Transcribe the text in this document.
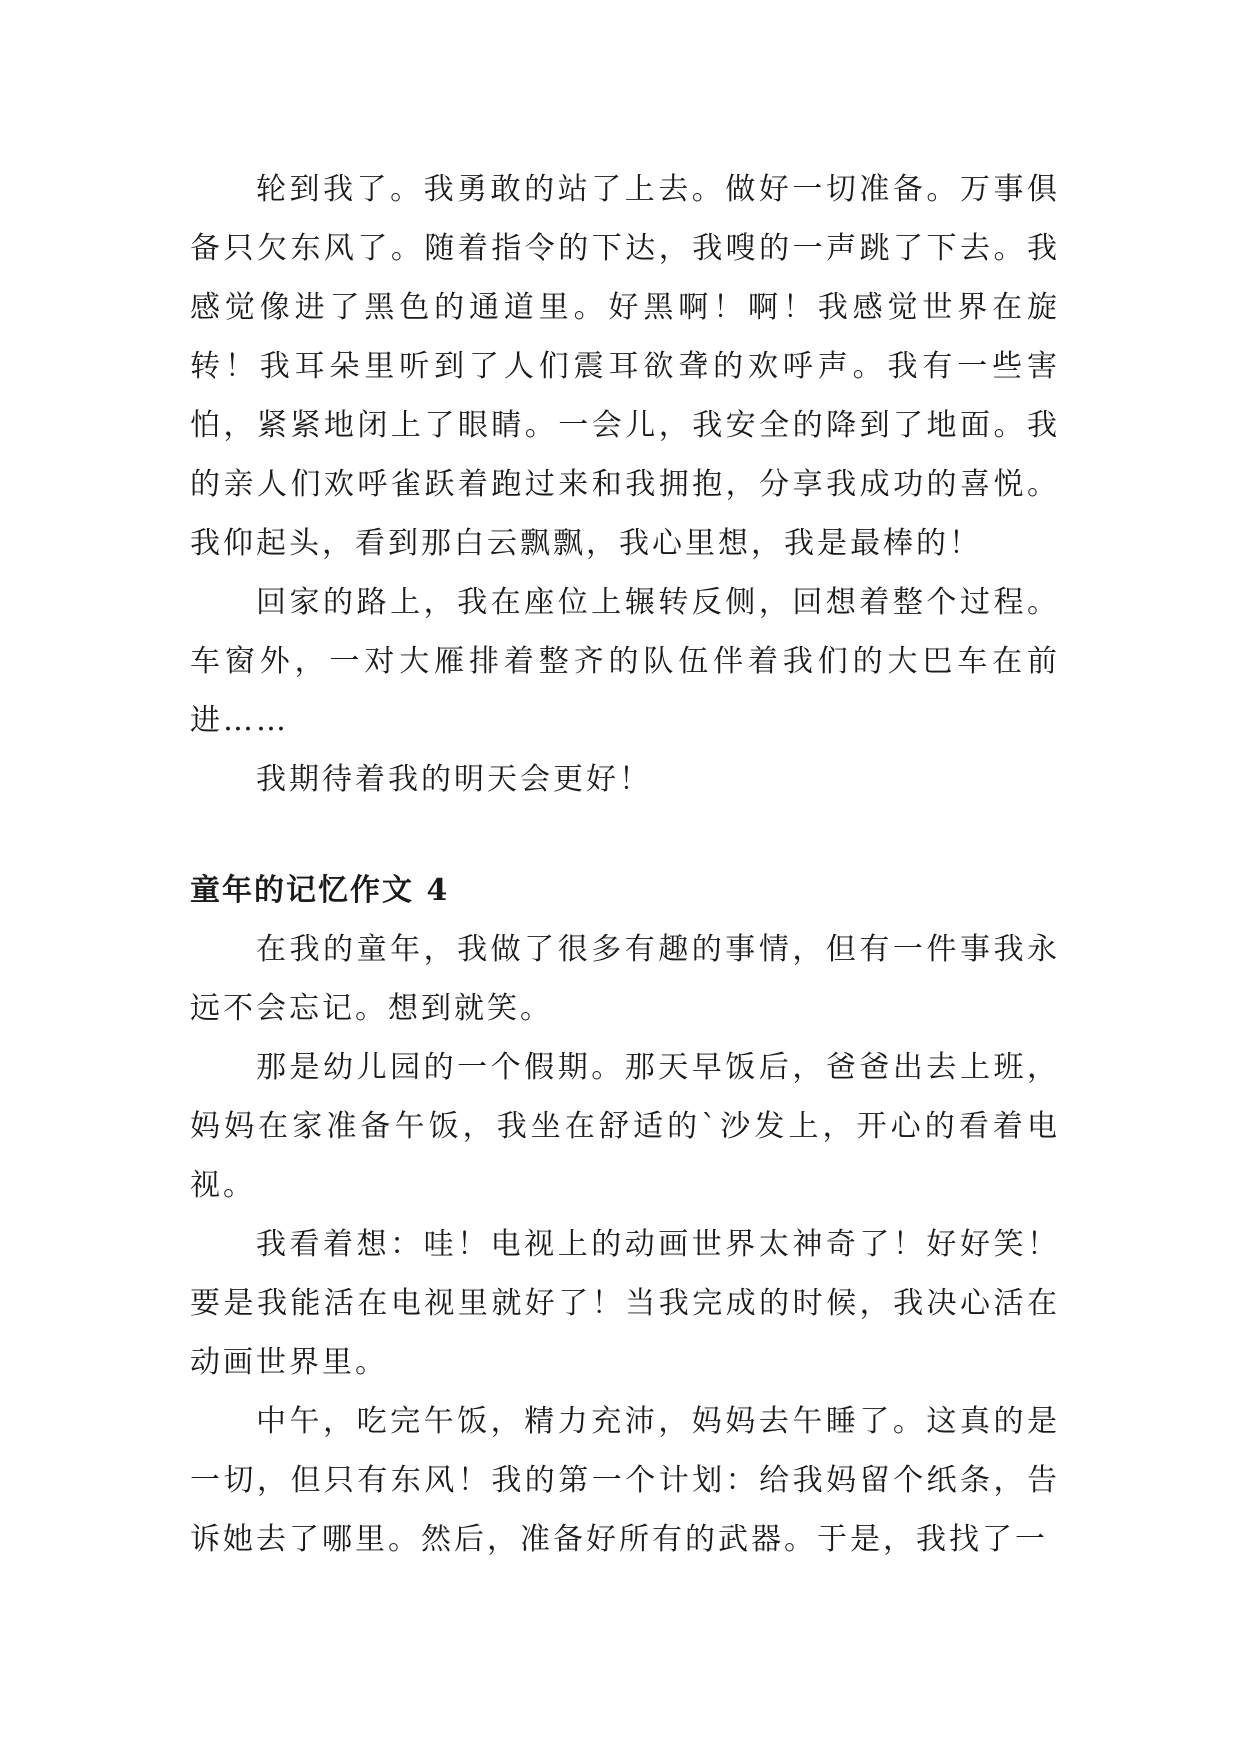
轮到我了。我勇敢的站了上去。做好一切准备。万事俱备只欠东风了。随着指令的下达，我嗖的一声跳了下去。我感觉像进了黑色的通道里。好黑啊！啊！我感觉世界在旋转！我耳朵里听到了人们震耳欲聋的欢呼声。我有一些害怕，紧紧地闭上了眼睛。一会儿，我安全的降到了地面。我的亲人们欢呼雀跃着跑过来和我拥抱，分享我成功的喜悦。我仰起头，看到那白云飘飘，我心里想，我是最棒的！

回家的路上，我在座位上辗转反侧，回想着整个过程。车窗外，一对大雁排着整齐的队伍伴着我们的大巴车在前进……

我期待着我的明天会更好！

童年的记忆作文 4

在我的童年，我做了很多有趣的事情，但有一件事我永远不会忘记。想到就笑。

那是幼儿园的一个假期。那天早饭后，爸爸出去上班，妈妈在家准备午饭，我坐在舒适的`沙发上，开心的看着电视。

我看着想：哇！电视上的动画世界太神奇了！好好笑！要是我能活在电视里就好了！当我完成的时候，我决心活在动画世界里。

中午，吃完午饭，精力充沛，妈妈去午睡了。这真的是一切，但只有东风！我的第一个计划：给我妈留个纸条，告诉她去了哪里。然后，准备好所有的武器。于是，我找了一
